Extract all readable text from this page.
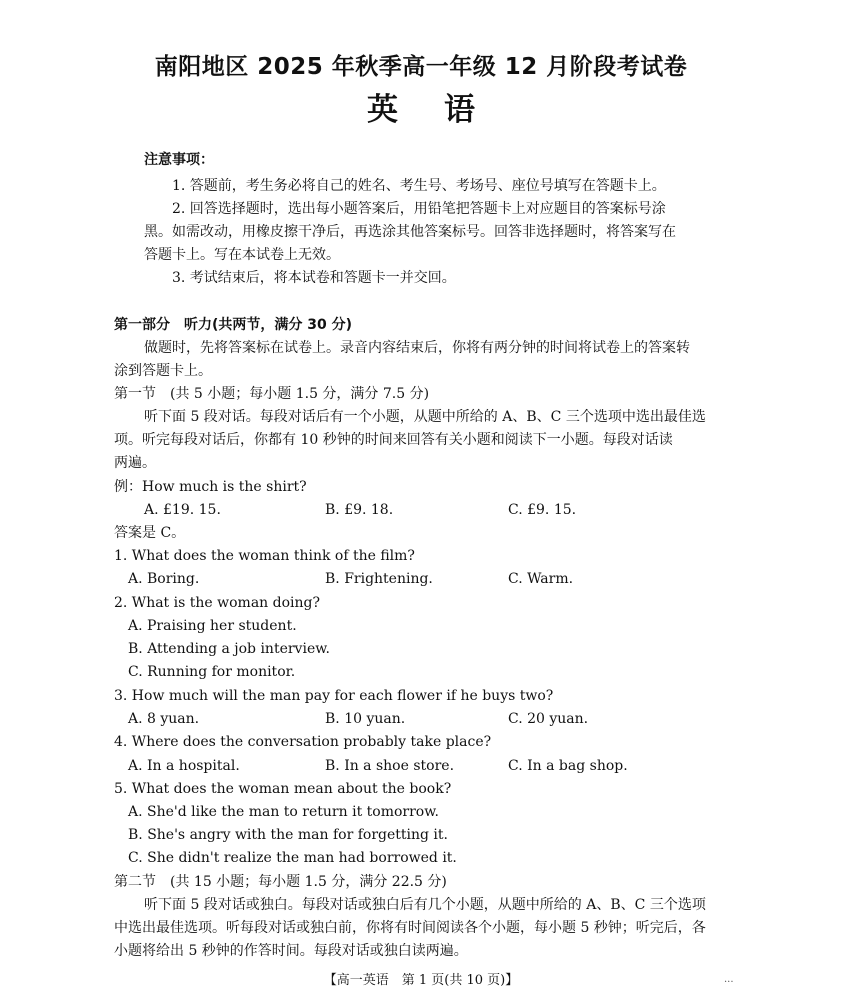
南阳地区 2025 年秋季高一年级 12 月阶段考试卷
英语
注意事项：
1. 答题前，考生务必将自己的姓名、考生号、考场号、座位号填写在答题卡上。
2. 回答选择题时，选出每小题答案后，用铅笔把答题卡上对应题目的答案标号涂
黑。如需改动，用橡皮擦干净后，再选涂其他答案标号。回答非选择题时，将答案写在
答题卡上。写在本试卷上无效。
3. 考试结束后，将本试卷和答题卡一并交回。
第一部分　听力(共两节，满分 30 分)
做题时，先将答案标在试卷上。录音内容结束后，你将有两分钟的时间将试卷上的答案转
涂到答题卡上。
第一节　(共 5 小题；每小题 1.5 分，满分 7.5 分)
听下面 5 段对话。每段对话后有一个小题，从题中所给的 A、B、C 三个选项中选出最佳选
项。听完每段对话后，你都有 10 秒钟的时间来回答有关小题和阅读下一小题。每段对话读
两遍。
例：How much is the shirt?
A. £19. 15.	B. £9. 18.	C. £9. 15.
答案是 C。
1. What does the woman think of the film?
A. Boring.	B. Frightening.	C. Warm.
2. What is the woman doing?
A. Praising her student.
B. Attending a job interview.
C. Running for monitor.
3. How much will the man pay for each flower if he buys two?
A. 8 yuan.	B. 10 yuan.	C. 20 yuan.
4. Where does the conversation probably take place?
A. In a hospital.	B. In a shoe store.	C. In a bag shop.
5. What does the woman mean about the book?
A. She'd like the man to return it tomorrow.
B. She's angry with the man for forgetting it.
C. She didn't realize the man had borrowed it.
第二节　(共 15 小题；每小题 1.5 分，满分 22.5 分)
听下面 5 段对话或独白。每段对话或独白后有几个小题，从题中所给的 A、B、C 三个选项
中选出最佳选项。听每段对话或独白前，你将有时间阅读各个小题，每小题 5 秒钟；听完后，各
小题将给出 5 秒钟的作答时间。每段对话或独白读两遍。
【高一英语　第 1 页(共 10 页)】	...
